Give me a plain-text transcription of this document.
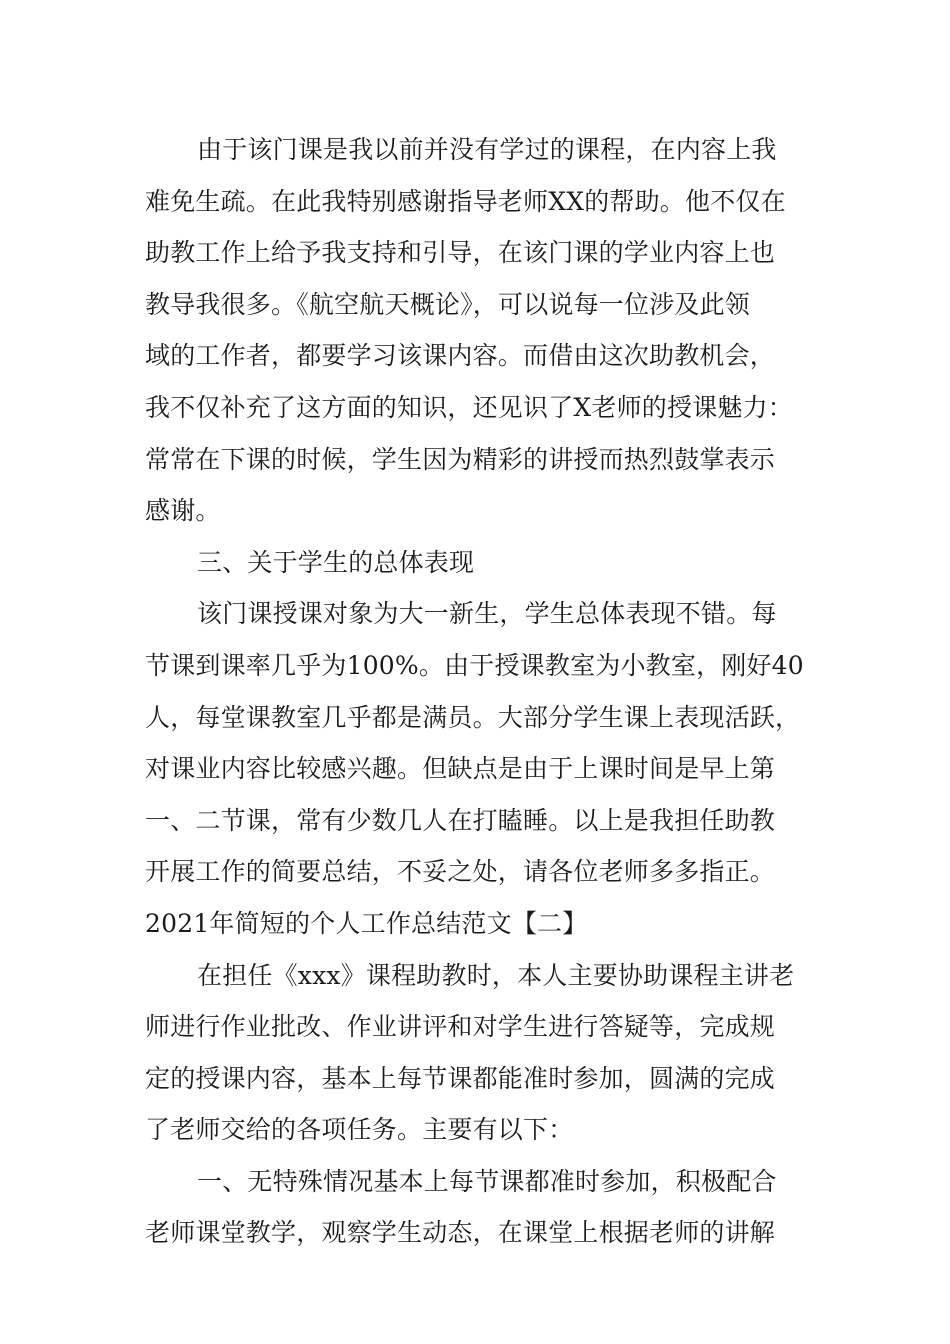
由于该门课是我以前并没有学过的课程，在内容上我
难免生疏。在此我特别感谢指导老师XX的帮助。他不仅在
助教工作上给予我支持和引导，在该门课的学业内容上也
教导我很多。《航空航天概论》，可以说每一位涉及此领
域的工作者，都要学习该课内容。而借由这次助教机会，
我不仅补充了这方面的知识，还见识了X老师的授课魅力：
常常在下课的时候，学生因为精彩的讲授而热烈鼓掌表示
感谢。
三、关于学生的总体表现
该门课授课对象为大一新生，学生总体表现不错。每
节课到课率几乎为100%。由于授课教室为小教室，刚好40
人，每堂课教室几乎都是满员。大部分学生课上表现活跃，
对课业内容比较感兴趣。但缺点是由于上课时间是早上第
一、二节课，常有少数几人在打瞌睡。以上是我担任助教
开展工作的简要总结，不妥之处，请各位老师多多指正。
2021年简短的个人工作总结范文【二】
在担任《xxx》课程助教时，本人主要协助课程主讲老
师进行作业批改、作业讲评和对学生进行答疑等，完成规
定的授课内容，基本上每节课都能准时参加，圆满的完成
了老师交给的各项任务。主要有以下：
一、无特殊情况基本上每节课都准时参加，积极配合
老师课堂教学，观察学生动态，在课堂上根据老师的讲解
